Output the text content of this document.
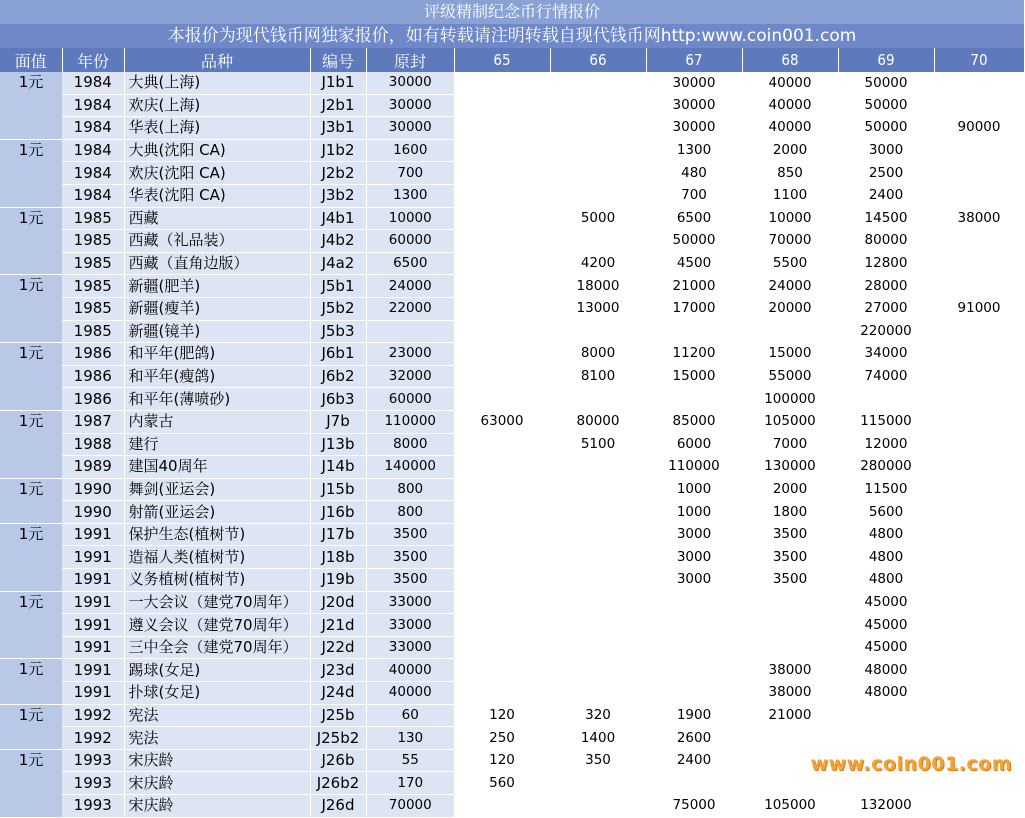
评级精制纪念币行情报价
本报价为现代钱币网独家报价，如有转载请注明转载自现代钱币网http:www.coin001.com
面值	年份	品种	编号	原封	65	66	67	68	69	70
1元	1984	大典(上海)	J1b1	30000			30000	40000	50000	
	1984	欢庆(上海)	J2b1	30000			30000	40000	50000	
	1984	华表(上海)	J3b1	30000			30000	40000	50000	90000
1元	1984	大典(沈阳 CA)	J1b2	1600			1300	2000	3000	
	1984	欢庆(沈阳 CA)	J2b2	700			480	850	2500	
	1984	华表(沈阳 CA)	J3b2	1300			700	1100	2400	
1元	1985	西藏	J4b1	10000		5000	6500	10000	14500	38000
	1985	西藏（礼品装）	J4b2	60000			50000	70000	80000	
	1985	西藏（直角边版）	J4a2	6500		4200	4500	5500	12800	
1元	1985	新疆(肥羊)	J5b1	24000		18000	21000	24000	28000	
	1985	新疆(瘦羊)	J5b2	22000		13000	17000	20000	27000	91000
	1985	新疆(镜羊)	J5b3						220000	
1元	1986	和平年(肥鸽)	J6b1	23000		8000	11200	15000	34000	
	1986	和平年(瘦鸽)	J6b2	32000		8100	15000	55000	74000	
	1986	和平年(薄喷砂)	J6b3	60000				100000		
1元	1987	内蒙古	J7b	110000	63000	80000	85000	105000	115000	
	1988	建行	J13b	8000		5100	6000	7000	12000	
	1989	建国40周年	J14b	140000			110000	130000	280000	
1元	1990	舞剑(亚运会)	J15b	800			1000	2000	11500	
	1990	射箭(亚运会)	J16b	800			1000	1800	5600	
1元	1991	保护生态(植树节)	J17b	3500			3000	3500	4800	
	1991	造福人类(植树节)	J18b	3500			3000	3500	4800	
	1991	义务植树(植树节)	J19b	3500			3000	3500	4800	
1元	1991	一大会议（建党70周年）	J20d	33000					45000	
	1991	遵义会议（建党70周年）	J21d	33000					45000	
	1991	三中全会（建党70周年）	J22d	33000					45000	
1元	1991	踢球(女足)	J23d	40000				38000	48000	
	1991	扑球(女足)	J24d	40000				38000	48000	
1元	1992	宪法	J25b	60	120	320	1900	21000		
	1992	宪法	J25b2	130	250	1400	2600			
1元	1993	宋庆龄	J26b	55	120	350	2400			
	1993	宋庆龄	J26b2	170	560					
	1993	宋庆龄	J26d	70000			75000	105000	132000	
www.coin001.com
